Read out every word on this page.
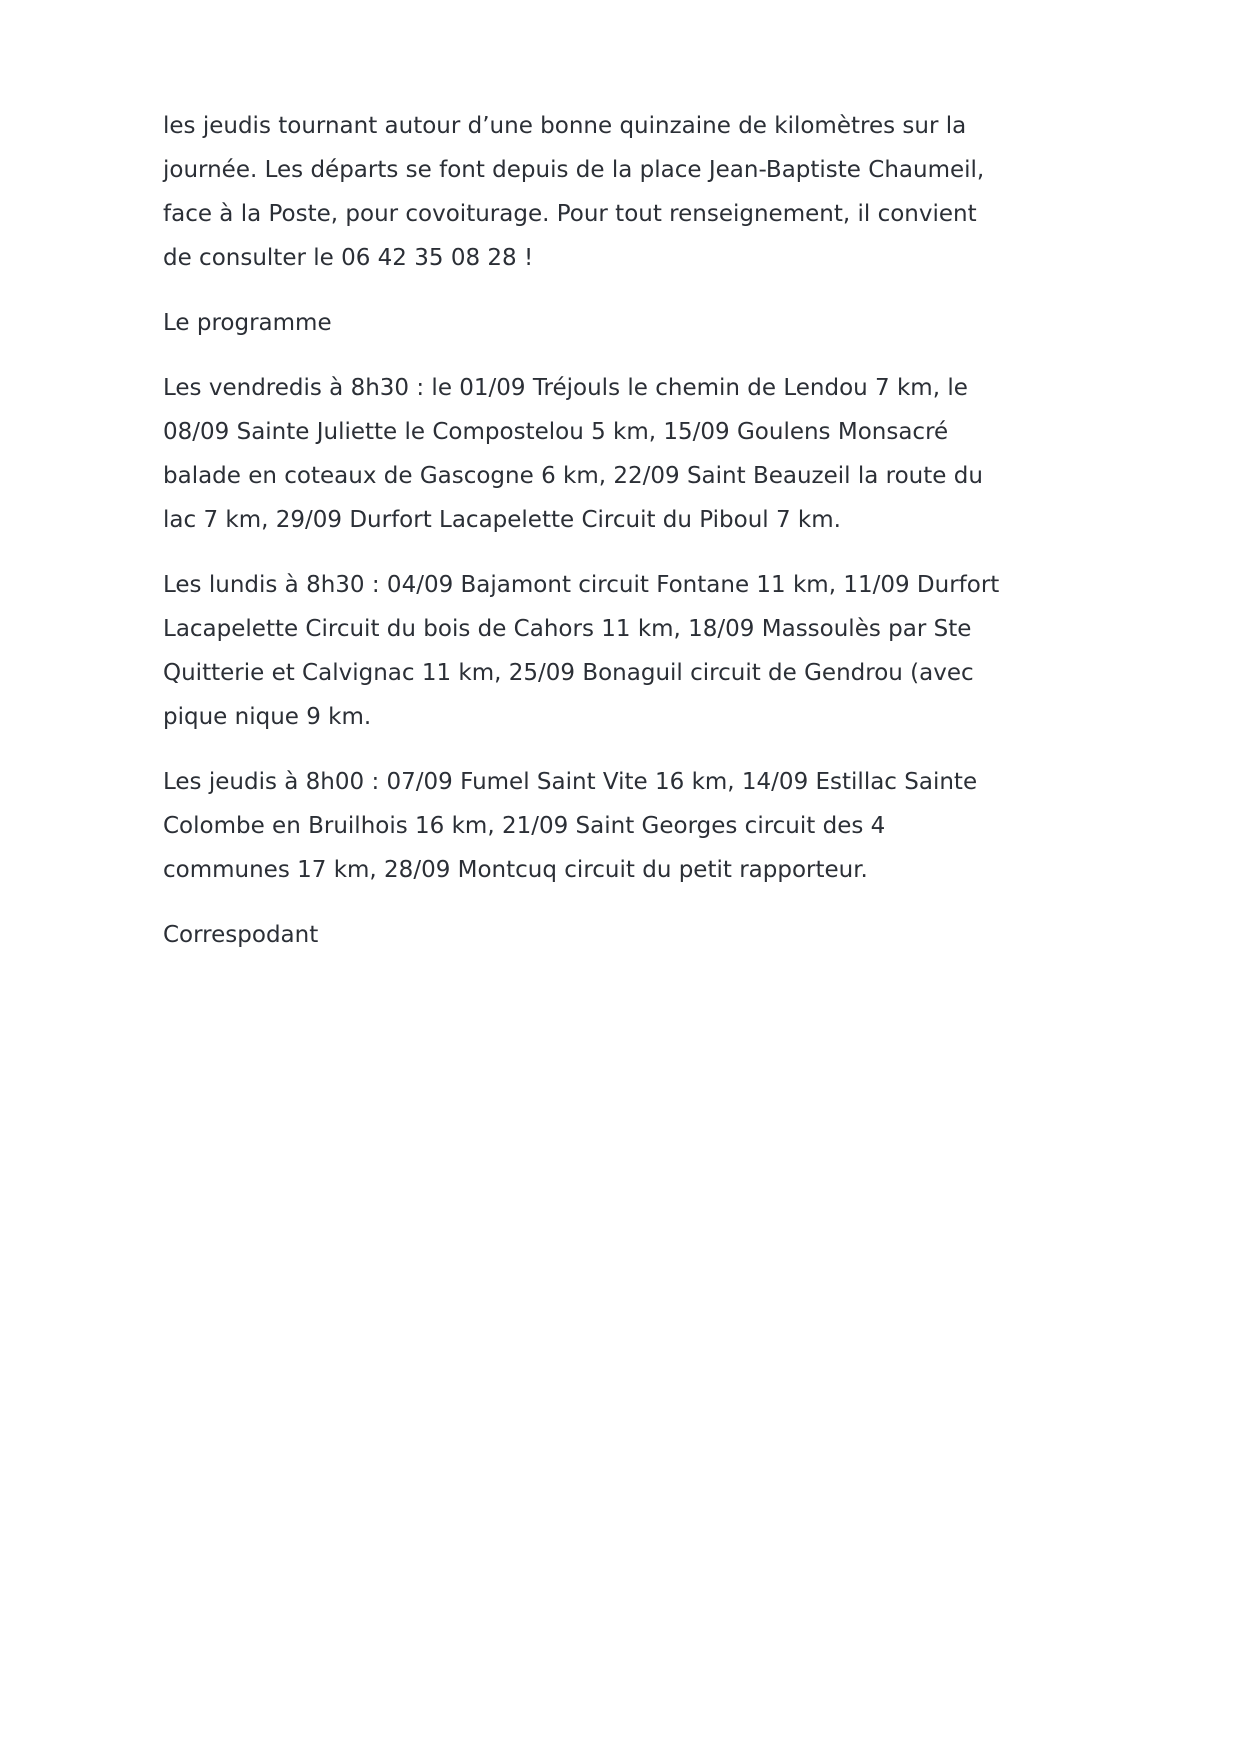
les jeudis tournant autour d’une bonne quinzaine de kilomètres sur la journée. Les départs se font depuis de la place Jean-Baptiste Chaumeil, face à la Poste, pour covoiturage. Pour tout renseignement, il convient de consulter le 06 42 35 08 28 !

Le programme

Les vendredis à 8h30 : le 01/09 Tréjouls le chemin de Lendou 7 km, le 08/09 Sainte Juliette le Compostelou 5 km, 15/09 Goulens Monsacré balade en coteaux de Gascogne 6 km, 22/09 Saint Beauzeil la route du lac 7 km, 29/09 Durfort Lacapelette Circuit du Piboul 7 km.

Les lundis à 8h30 : 04/09 Bajamont circuit Fontane 11 km, 11/09 Durfort Lacapelette Circuit du bois de Cahors 11 km, 18/09 Massoulès par Ste Quitterie et Calvignac 11 km, 25/09 Bonaguil circuit de Gendrou (avec pique nique 9 km.

Les jeudis à 8h00 : 07/09 Fumel Saint Vite 16 km, 14/09 Estillac Sainte Colombe en Bruilhois 16 km, 21/09 Saint Georges circuit des 4 communes 17 km, 28/09 Montcuq circuit du petit rapporteur.

Correspodant
